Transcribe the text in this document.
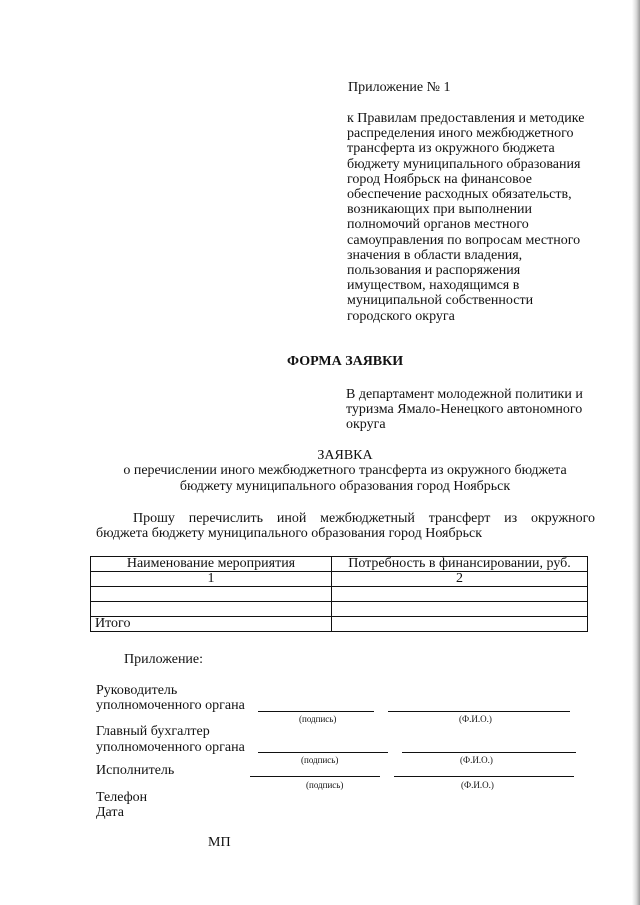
Приложение № 1
к Правилам предоставления и методике
распределения иного межбюджетного
трансферта из окружного бюджета
бюджету муниципального образования
город Ноябрьск на финансовое
обеспечение расходных обязательств,
возникающих при выполнении
полномочий органов местного
самоуправления по вопросам местного
значения в области владения,
пользования и распоряжения
имуществом, находящимся в
муниципальной собственности
городского округа
ФОРМА ЗАЯВКИ
В департамент молодежной политики и
туризма Ямало-Ненецкого автономного
округа
ЗАЯВКА
о перечислении иного межбюджетного трансферта из окружного бюджета
бюджету муниципального образования город Ноябрьск
Прошу перечислить иной межбюджетный трансферт из окружного
бюджета бюджету муниципального образования город Ноябрьск
Наименование мероприятия	Потребность в финансировании, руб.
1	2

Итого	
Приложение:
Руководитель
уполномоченного органа
(подпись)	(Ф.И.О.)
Главный бухгалтер
уполномоченного органа
(подпись)	(Ф.И.О.)
Исполнитель
(подпись)	(Ф.И.О.)
Телефон
Дата
МП
